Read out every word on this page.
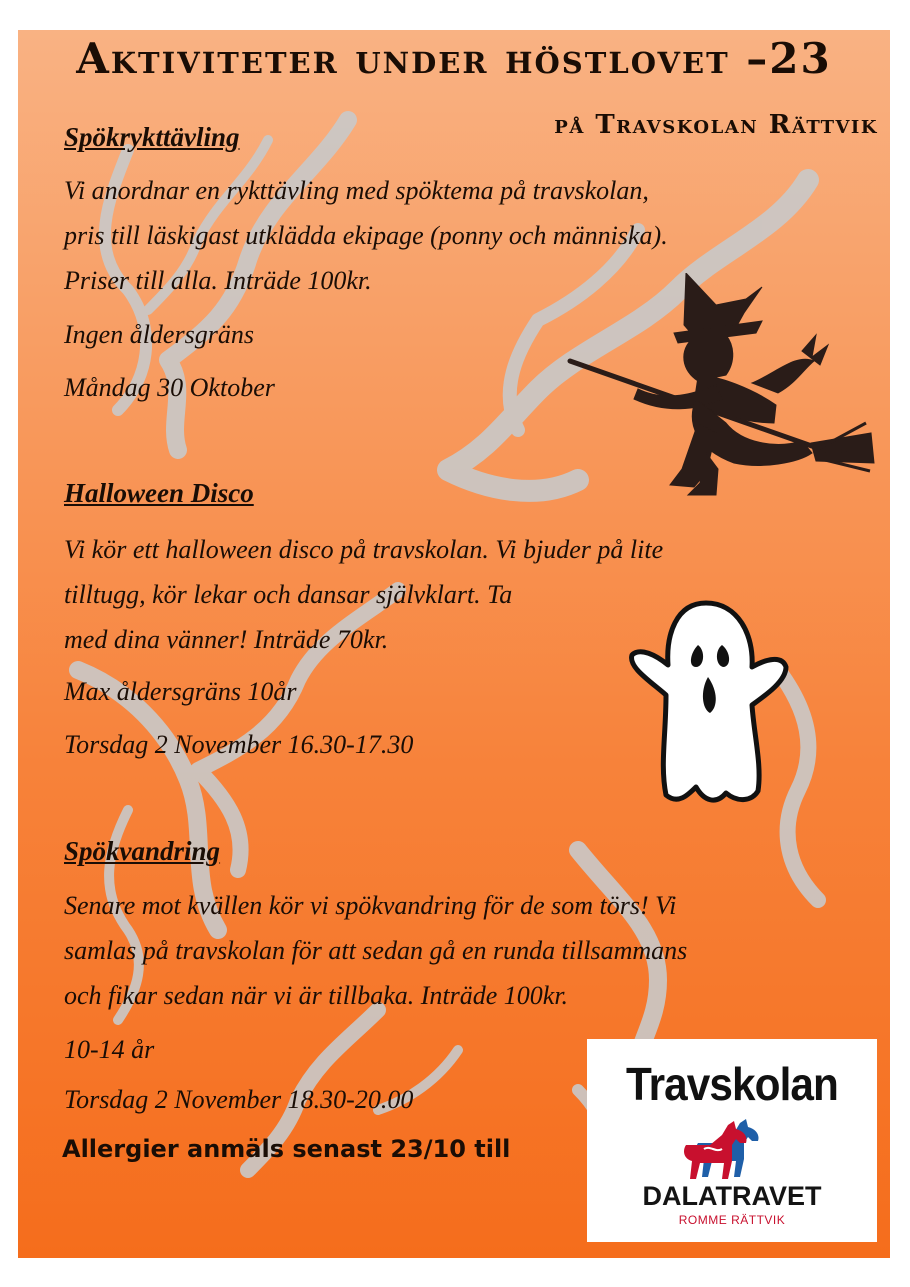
Aktiviteter under höstlovet –23
på Travskolan Rättvik
Spökrykttävling

Vi anordnar en rykttävling med spöktema på travskolan,
pris till läskigast utklädda ekipage (ponny och människa).
Priser till alla. Inträde 100kr.

Ingen åldersgräns

Måndag 30 Oktober

Halloween Disco

Vi kör ett halloween disco på travskolan. Vi bjuder på lite
tilltugg, kör lekar och dansar självklart. Ta
med dina vänner! Inträde 70kr.

Max åldersgräns 10år

Torsdag 2 November 16.30-17.30

Spökvandring

Senare mot kvällen kör vi spökvandring för de som törs! Vi
samlas på travskolan för att sedan gå en runda tillsammans
och fikar sedan när vi är tillbaka. Inträde 100kr.

10-14 år

Torsdag 2 November 18.30-20.00

Allergier anmäls senast 23/10 till

Travskolan

DALATRAVET

ROMME RÄTTVIK
